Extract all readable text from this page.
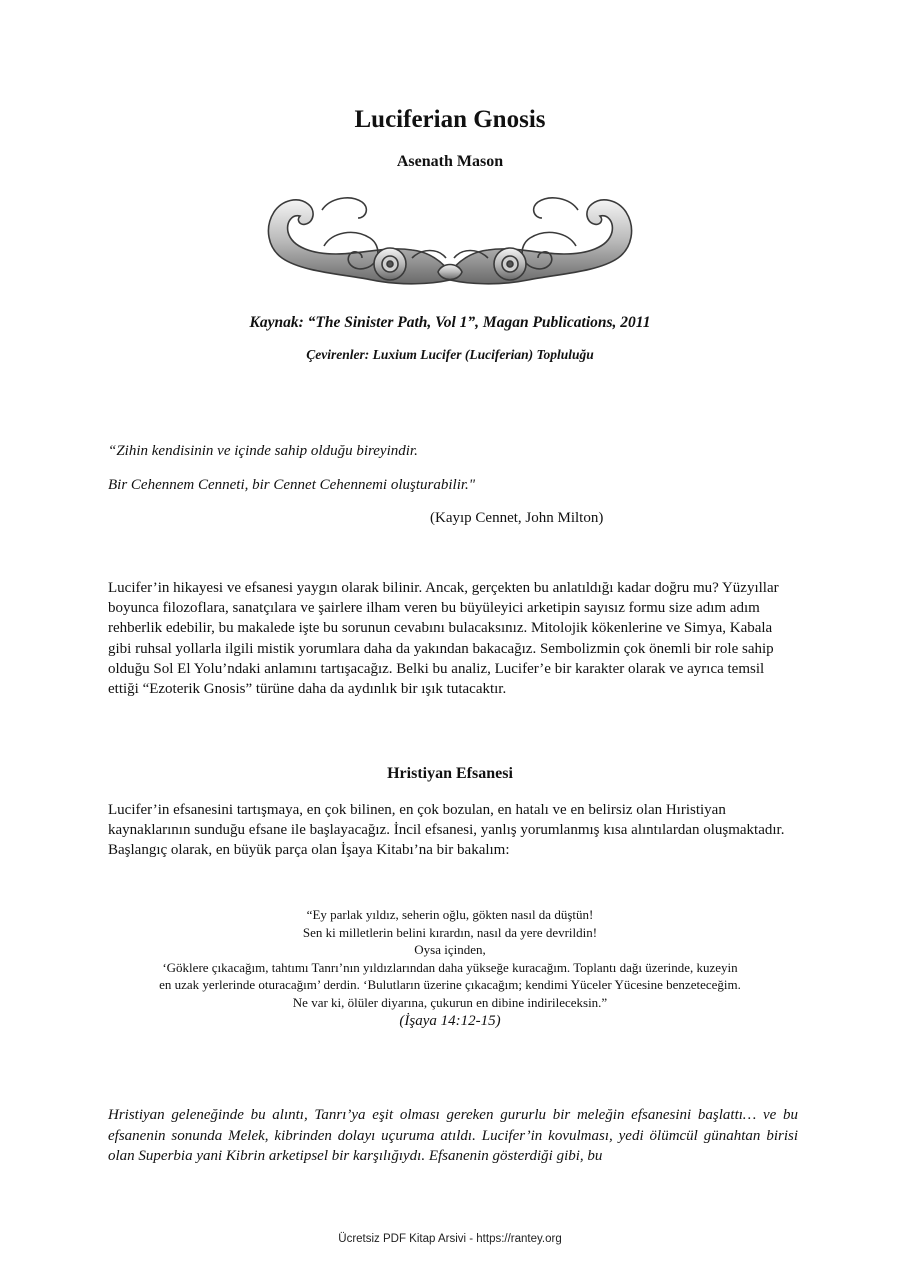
Luciferian Gnosis
Asenath Mason
Kaynak: “The Sinister Path, Vol 1”, Magan Publications, 2011
Çevirenler: Luxium Lucifer (Luciferian) Topluluğu
“Zihin kendisinin ve içinde sahip olduğu bireyindir.
Bir Cehennem Cenneti, bir Cennet Cehennemi oluşturabilir."
(Kayıp Cennet, John Milton)
Lucifer’in hikayesi ve efsanesi yaygın olarak bilinir. Ancak, gerçekten bu anlatıldığı kadar doğru mu? Yüzyıllar boyunca filozoflara, sanatçılara ve şairlere ilham veren bu büyüleyici arketipin sayısız formu size adım adım rehberlik edebilir, bu makalede işte bu sorunun cevabını bulacaksınız. Mitolojik kökenlerine ve Simya, Kabala gibi ruhsal yollarla ilgili mistik yorumlara daha da yakından bakacağız. Sembolizmin çok önemli bir role sahip olduğu Sol El Yolu’ndaki anlamını tartışacağız. Belki bu analiz, Lucifer’e bir karakter olarak ve ayrıca temsil ettiği “Ezoterik Gnosis” türüne daha da aydınlık bir ışık tutacaktır.
Hristiyan Efsanesi
Lucifer’in efsanesini tartışmaya, en çok bilinen, en çok bozulan, en hatalı ve en belirsiz olan Hıristiyan kaynaklarının sunduğu efsane ile başlayacağız. İncil efsanesi, yanlış yorumlanmış kısa alıntılardan oluşmaktadır. Başlangıç olarak, en büyük parça olan İşaya Kitabı’na bir bakalım:
“Ey parlak yıldız, seherin oğlu, gökten nasıl da düştün!
Sen ki milletlerin belini kırardın, nasıl da yere devrildin!
Oysa içinden,
‘Göklere çıkacağım, tahtımı Tanrı’nın yıldızlarından daha yükseğe kuracağım. Toplantı dağı üzerinde, kuzeyin
en uzak yerlerinde oturacağım’ derdin. ‘Bulutların üzerine çıkacağım; kendimi Yüceler Yücesine benzeteceğim.
Ne var ki, ölüler diyarına, çukurun en dibine indirileceksin.”
(İşaya 14:12-15)
Hristiyan geleneğinde bu alıntı, Tanrı’ya eşit olması gereken gururlu bir meleğin efsanesini başlattı… ve bu efsanenin sonunda Melek, kibrinden dolayı uçuruma atıldı. Lucifer’in kovulması, yedi ölümcül günahtan birisi olan Superbia yani Kibrin arketipsel bir karşılığıydı. Efsanenin gösterdiği gibi, bu
Ücretsiz PDF Kitap Arsivi - https://rantey.org
